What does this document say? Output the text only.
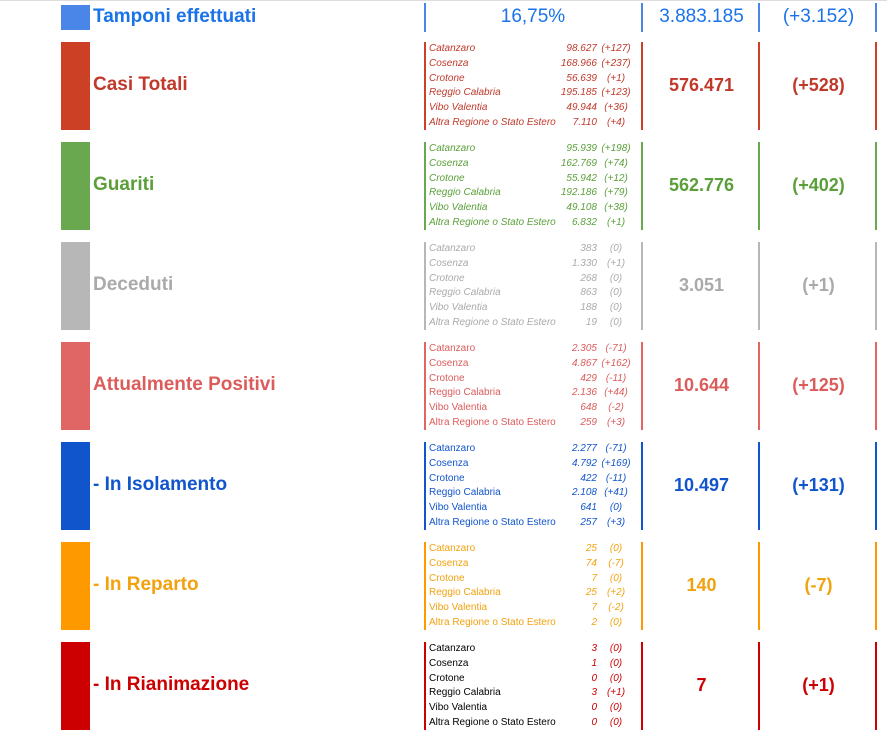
Tamponi effettuati	16,75%	3.883.185	(+3.152)
Casi Totali
Catanzaro	98.627 (+127)
Cosenza	168.966 (+237)
Crotone	56.639 (+1)
Reggio Calabria	195.185 (+123)
Vibo Valentia	49.944 (+36)
Altra Regione o Stato Estero 7.110 (+4)
576.471	(+528)
Guariti
Catanzaro	95.939 (+198)
Cosenza	162.769 (+74)
Crotone	55.942 (+12)
Reggio Calabria	192.186 (+79)
Vibo Valentia	49.108 (+38)
Altra Regione o Stato Estero 6.832 (+1)
562.776	(+402)
Deceduti
Catanzaro	383	(0)
Cosenza	1.330 (+1)
Crotone	268	(0)
Reggio Calabria	863	(0)
Vibo Valentia	188	(0)
Altra Regione o Stato Estero	19	(0)
3.051	(+1)
Attualmente Positivi
Catanzaro	2.305 (-71)
Cosenza	4.867 (+162)
Crotone	429 (-11)
Reggio Calabria	2.136 (+44)
Vibo Valentia	648	(-2)
Altra Regione o Stato Estero 259 (+3)
10.644	(+125)
- In Isolamento
Catanzaro	2.277 (-71)
Cosenza	4.792 (+169)
Crotone	422 (-11)
Reggio Calabria	2.108 (+41)
Vibo Valentia	641	(0)
Altra Regione o Stato Estero 257 (+3)
10.497	(+131)
- In Reparto
Catanzaro	25	(0)
Cosenza	74	(-7)
Crotone	7	(0)
Reggio Calabria	25 (+2)
Vibo Valentia	7	(-2)
Altra Regione o Stato Estero	2	(0)
140	(-7)
- In Rianimazione
Catanzaro	3	(0)
Cosenza	1	(0)
Crotone	0	(0)
Reggio Calabria	3 (+1)
Vibo Valentia	0	(0)
Altra Regione o Stato Estero	0	(0)
7	(+1)
